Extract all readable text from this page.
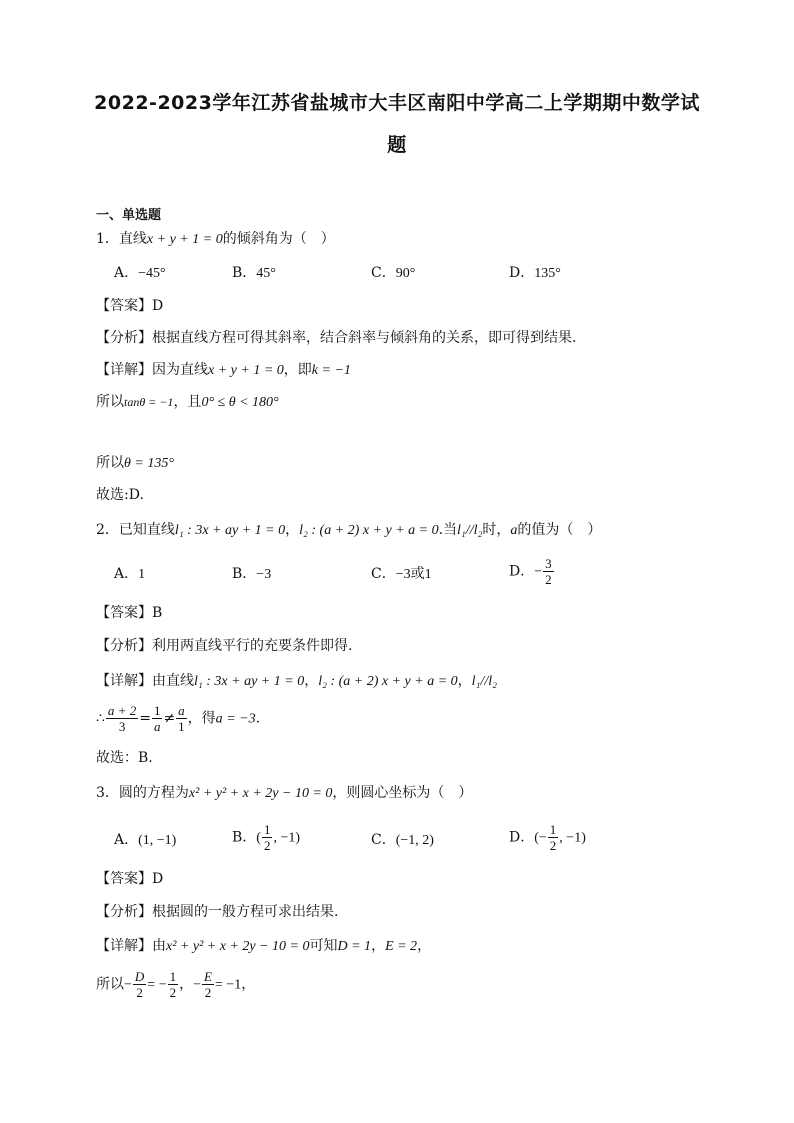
2022-2023学年江苏省盐城市大丰区南阳中学高二上学期期中数学试
题
一、单选题
1．直线x + y + 1 = 0的倾斜角为（　）
A．−45°	B．45°	C．90°	D．135°
【答案】D
【分析】根据直线方程可得其斜率，结合斜率与倾斜角的关系，即可得到结果.
【详解】因为直线x + y + 1 = 0，即k = −1
所以tanθ = −1，且0° ≤ θ < 180°
所以θ = 135°
故选:D.
2．已知直线l₁ : 3x + ay + 1 = 0，l₂ : (a + 2) x + y + a = 0.当l₁//l₂时，a的值为（　）
A．1	B．−3	C．−3或1	D．− $\frac{3}{2}$
【答案】B
【分析】利用两直线平行的充要条件即得.
【详解】由直线l₁ : 3x + ay + 1 = 0，l₂ : (a + 2) x + y + a = 0，l₁//l₂
∴ $\frac{a + 2}{3} = \frac{1}{a} \ne \frac{a}{1}$ ，得a = −3.
故选：B.
3．圆的方程为x² + y² + x + 2y − 10 = 0，则圆心坐标为（　）
A．(1, −1)	B．( $\frac{1}{2}$ , −1)	C．(−1, 2)	D．(− $\frac{1}{2}$ , −1)
【答案】D
【分析】根据圆的一般方程可求出结果.
【详解】由x² + y² + x + 2y − 10 = 0可知D = 1，E = 2，
所以− $\frac{D}{2}$ = − $\frac{1}{2}$ ，− $\frac{E}{2} = -1$，
